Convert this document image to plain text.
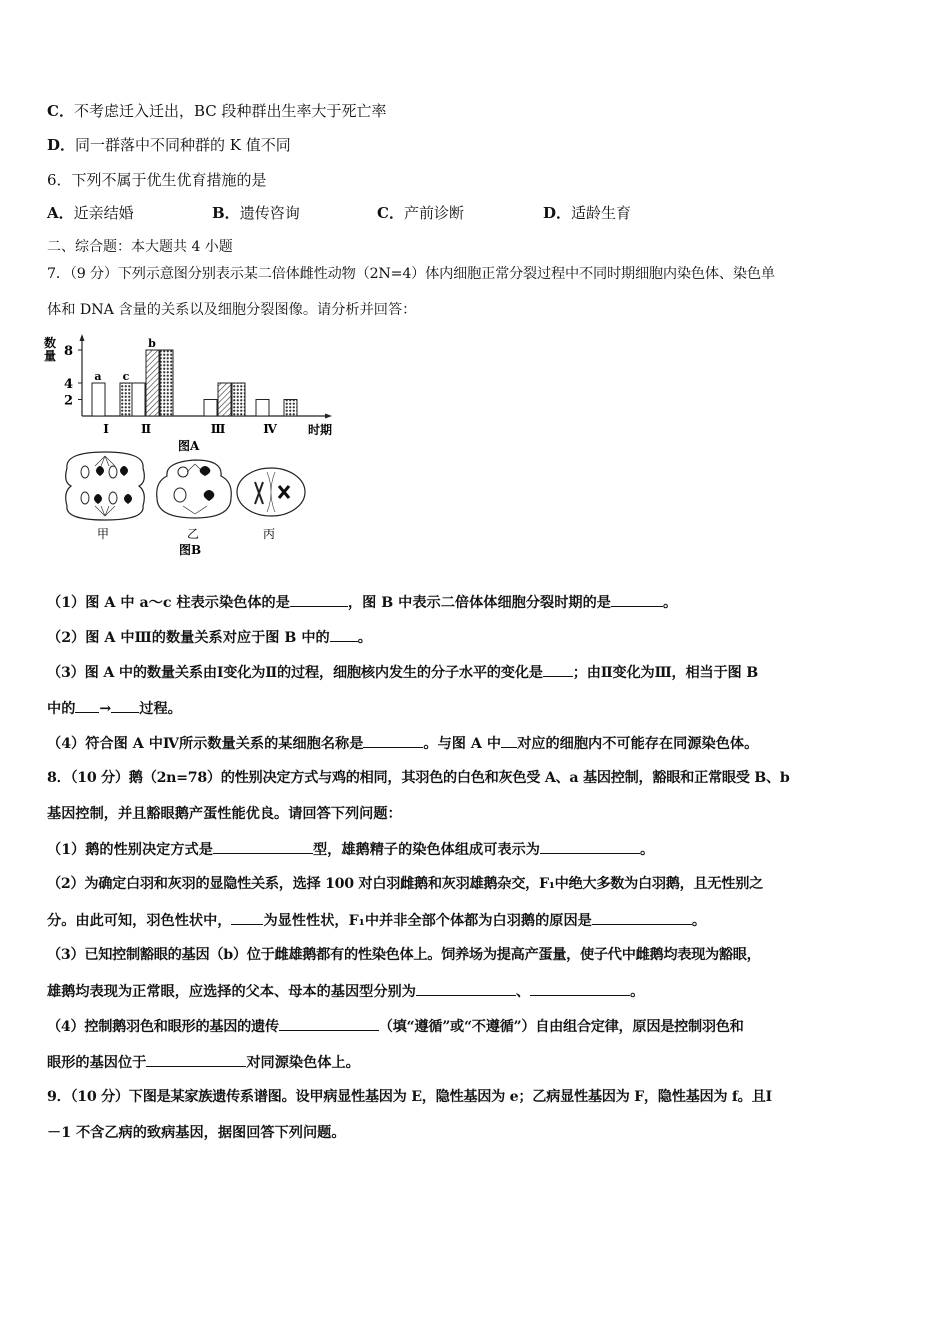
C．不考虑迁入迁出，BC 段种群出生率大于死亡率
D．同一群落中不同种群的 K 值不同
6．下列不属于优生优育措施的是
A．近亲结婚	B．遗传咨询	C．产前诊断	D．适龄生育
二、综合题：本大题共 4 小题
7．（9 分）下列示意图分别表示某二倍体雌性动物（2N=4）体内细胞正常分裂过程中不同时期细胞内染色体、染色单
体和 DNA 含量的关系以及细胞分裂图像。请分析并回答：
数
量
a
b
c
2
4
8
Ⅰ	Ⅱ	Ⅲ	Ⅳ	时期
图A
甲	乙	丙
图B
（1）图 A 中 a～c 柱表示染色体的是	，图 B 中表示二倍体体细胞分裂时期的是	。
（2）图 A 中Ⅲ的数量关系对应于图 B 中的 。
（3）图 A 中的数量关系由Ⅰ变化为Ⅱ的过程，细胞核内发生的分子水平的变化是 ；由Ⅱ变化为Ⅲ，相当于图 B
中的 → 过程。
（4）符合图 A 中Ⅳ所示数量关系的某细胞名称是	。与图 A 中 对应的细胞内不可能存在同源染色体。
8．（10 分）鹅（2n=78）的性别决定方式与鸡的相同，其羽色的白色和灰色受 A、a 基因控制，豁眼和正常眼受 B、b
基因控制，并且豁眼鹅产蛋性能优良。请回答下列问题：
（1）鹅的性别决定方式是	型，雄鹅精子的染色体组成可表示为	。
（2）为确定白羽和灰羽的显隐性关系，选择 100 对白羽雌鹅和灰羽雄鹅杂交，F₁中绝大多数为白羽鹅，且无性别之
分。由此可知，羽色性状中， 为显性性状，F₁中并非全部个体都为白羽鹅的原因是	。
（3）已知控制豁眼的基因（b）位于雌雄鹅都有的性染色体上。饲养场为提高产蛋量，使子代中雌鹅均表现为豁眼，
雄鹅均表现为正常眼，应选择的父本、母本的基因型分别为	、	。
（4）控制鹅羽色和眼形的基因的遗传	（填“遵循”或“不遵循”）自由组合定律，原因是控制羽色和
眼形的基因位于	对同源染色体上。
9．（10 分）下图是某家族遗传系谱图。设甲病显性基因为 E，隐性基因为 e；乙病显性基因为 F，隐性基因为 f。且Ⅰ
－1 不含乙病的致病基因，据图回答下列问题。
